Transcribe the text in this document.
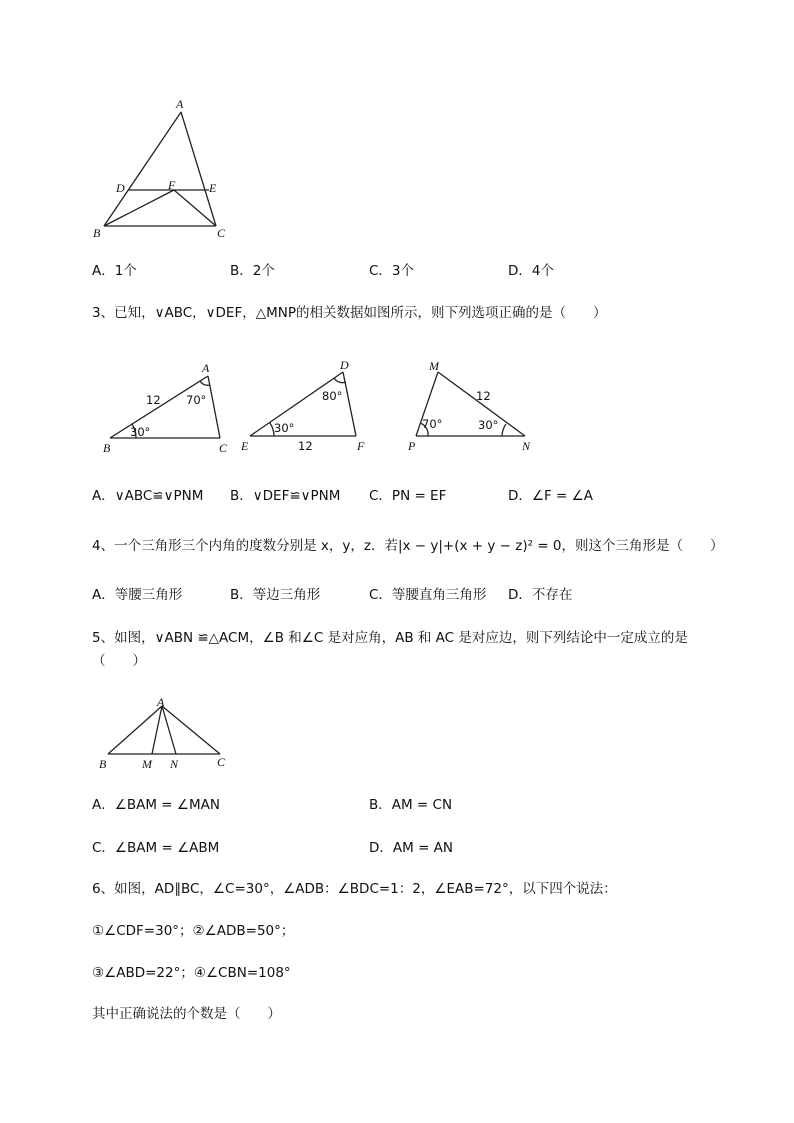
A
D	F	E
B	C
A．1个	B．2个	C．3个	D．4个
3、已知，∨ABC，∨DEF，△MNP的相关数据如图所示，则下列选项正确的是（　　）
A
B	C
12 70°
30°
D
E	F
80°
30°
12
M
P	N
12
70°	30°
A．∨ABC≌∨PNM B．∨DEF≌∨PNM C．PN = EF	D．∠F = ∠A
4、一个三角形三个内角的度数分别是 x，y，z．若|x − y|+(x + y − z)² = 0，则这个三角形是（　　）
A．等腰三角形	B．等边三角形	C．等腰直角三角形 D．不存在
5、如图，∨ABN ≌△ACM，∠B 和∠C 是对应角，AB 和 AC 是对应边，则下列结论中一定成立的是
（　　）
A
B	M N	C
A．∠BAM = ∠MAN	B．AM = CN
C．∠BAM = ∠ABM	D．AM = AN
6、如图，AD∥BC，∠C=30°，∠ADB：∠BDC=1：2，∠EAB=72°，以下四个说法：
①∠CDF=30°；②∠ADB=50°；
③∠ABD=22°；④∠CBN=108°
其中正确说法的个数是（　　）
